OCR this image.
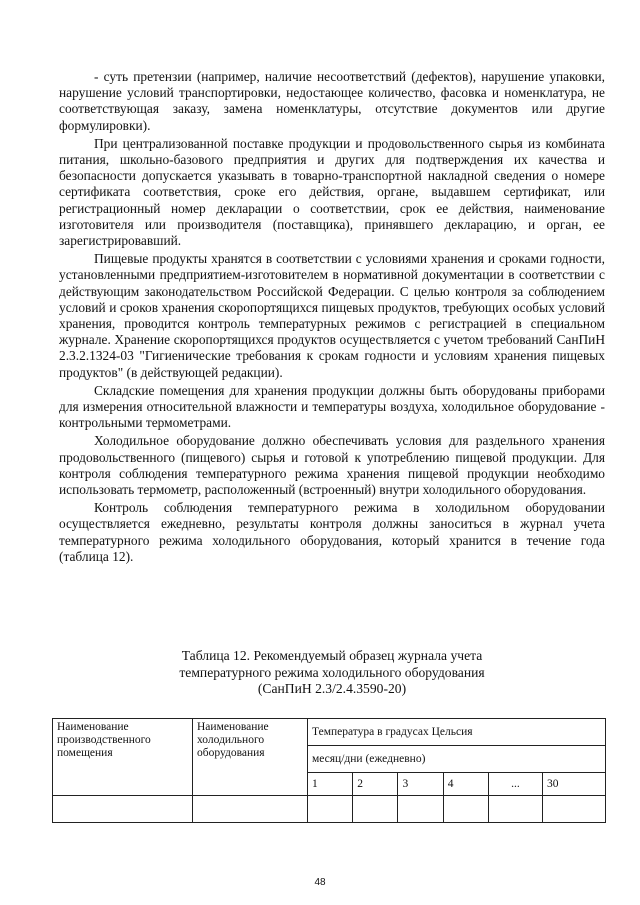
- суть претензии (например, наличие несоответствий (дефектов), нарушение упаковки, нарушение условий транспортировки, недостающее количество, фасовка и номенклатура, не соответствующая заказу, замена номенклатуры, отсутствие документов или другие формулировки).

При централизованной поставке продукции и продовольственного сырья из комбината питания, школьно-базового предприятия и других для подтверждения их качества и безопасности допускается указывать в товарно-транспортной накладной сведения о номере сертификата соответствия, сроке его действия, органе, выдавшем сертификат, или регистрационный номер декларации о соответствии, срок ее действия, наименование изготовителя или производителя (поставщика), принявшего декларацию, и орган, ее зарегистрировавший.

Пищевые продукты хранятся в соответствии с условиями хранения и сроками годности, установленными предприятием-изготовителем в нормативной документации в соответствии с действующим законодательством Российской Федерации. С целью контроля за соблюдением условий и сроков хранения скоропортящихся пищевых продуктов, требующих особых условий хранения, проводится контроль температурных режимов с регистрацией в специальном журнале. Хранение скоропортящихся продуктов осуществляется с учетом требований СанПиН 2.3.2.1324-03 "Гигиенические требования к срокам годности и условиям хранения пищевых продуктов" (в действующей редакции).

Складские помещения для хранения продукции должны быть оборудованы приборами для измерения относительной влажности и температуры воздуха, холодильное оборудование - контрольными термометрами.

Холодильное оборудование должно обеспечивать условия для раздельного хранения продовольственного (пищевого) сырья и готовой к употреблению пищевой продукции. Для контроля соблюдения температурного режима хранения пищевой продукции необходимо использовать термометр, расположенный (встроенный) внутри холодильного оборудования.

Контроль соблюдения температурного режима в холодильном оборудовании осуществляется ежедневно, результаты контроля должны заноситься в журнал учета температурного режима холодильного оборудования, который хранится в течение года (таблица 12).

Таблица 12. Рекомендуемый образец журнала учета
температурного режима холодильного оборудования
(СанПиН 2.3/2.4.3590-20)
Наименование производственного помещения	Наименование холодильного оборудования	Температура в градусах Цельсия					
		месяц/дни (ежедневно)					
		1	2	3	4	...	30

48
